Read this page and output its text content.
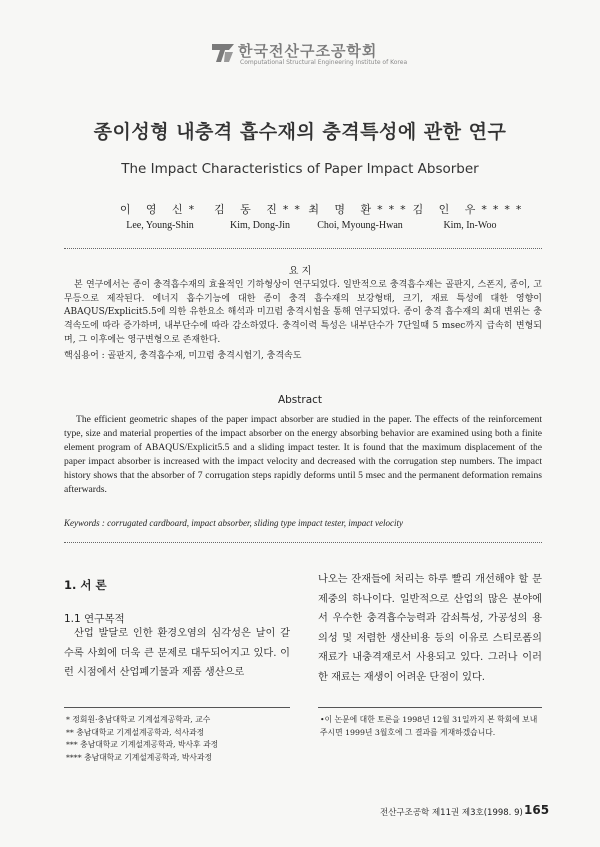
한국전산구조공학회
Computational Structural Engineering Institute of Korea
종이성형 내충격 흡수재의 충격특성에 관한 연구
The Impact Characteristics of Paper Impact Absorber
이 영 신*
Lee, Young-Shin
김 동 진**
Kim, Dong-Jin
최 명 환***
Choi, Myoung-Hwan
김 인 우****
Kim, In-Woo
요 지

본 연구에서는 종이 충격흡수재의 효율적인 기하형상이 연구되었다. 일반적으로 충격흡수재는 골판지, 스폰지, 종이, 고무등으로 제작된다. 에너지 흡수기능에 대한 종이 충격 흡수재의 보강형태, 크기, 재료 특성에 대한 영향이 ABAQUS/Explicit5.5에 의한 유한요소 해석과 미끄럼 충격시험을 통해 연구되었다. 종이 충격 흡수재의 최대 변위는 충격속도에 따라 증가하며, 내부단수에 따라 감소하였다. 충격이력 특성은 내부단수가 7단일때 5 msec까지 급속히 변형되며, 그 이후에는 영구변형으로 존재한다.

핵심용어 : 골판지, 충격흡수재, 미끄럼 충격시험기, 충격속도
Abstract
The efficient geometric shapes of the paper impact absorber are studied in the paper. The effects of the reinforcement type, size and material properties of the impact absorber on the energy absorbing behavior are examined using both a finite element program of ABAQUS/Explicit5.5 and a sliding impact tester. It is found that the maximum displacement of the paper impact absorber is increased with the impact velocity and decreased with the corrugation step numbers. The impact history shows that the absorber of 7 corrugation steps rapidly deforms until 5 msec and the permanent deformation remains afterwards.
Keywords : corrugated cardboard, impact absorber, sliding type impact tester, impact velocity
1. 서 론
1.1 연구목적

산업 발달로 인한 환경오염의 심각성은 날이 갈수록 사회에 더욱 큰 문제로 대두되어지고 있다. 이런 시점에서 산업폐기물과 제품 생산으로

나오는 잔재들에 처리는 하루 빨리 개선해야 할 문제중의 하나이다. 일반적으로 산업의 많은 분야에서 우수한 충격흡수능력과 감쇠특성, 가공성의 용의성 및 저렴한 생산비용 등의 이유로 스티로폼의 재료가 내충격재로서 사용되고 있다. 그러나 이러한 재료는 재생이 어려운 단점이 있다.

* 정회원·충남대학교 기계설계공학과, 교수
** 충남대학교 기계설계공학과, 석사과정
*** 충남대학교 기계설계공학과, 박사후 과정
**** 충남대학교 기계설계공학과, 박사과정
•이 논문에 대한 토론을 1998년 12월 31일까지 본 학회에 보내주시면 1999년 3월호에 그 결과를 게재하겠습니다.
전산구조공학 제11권 제3호(1998. 9) 165
